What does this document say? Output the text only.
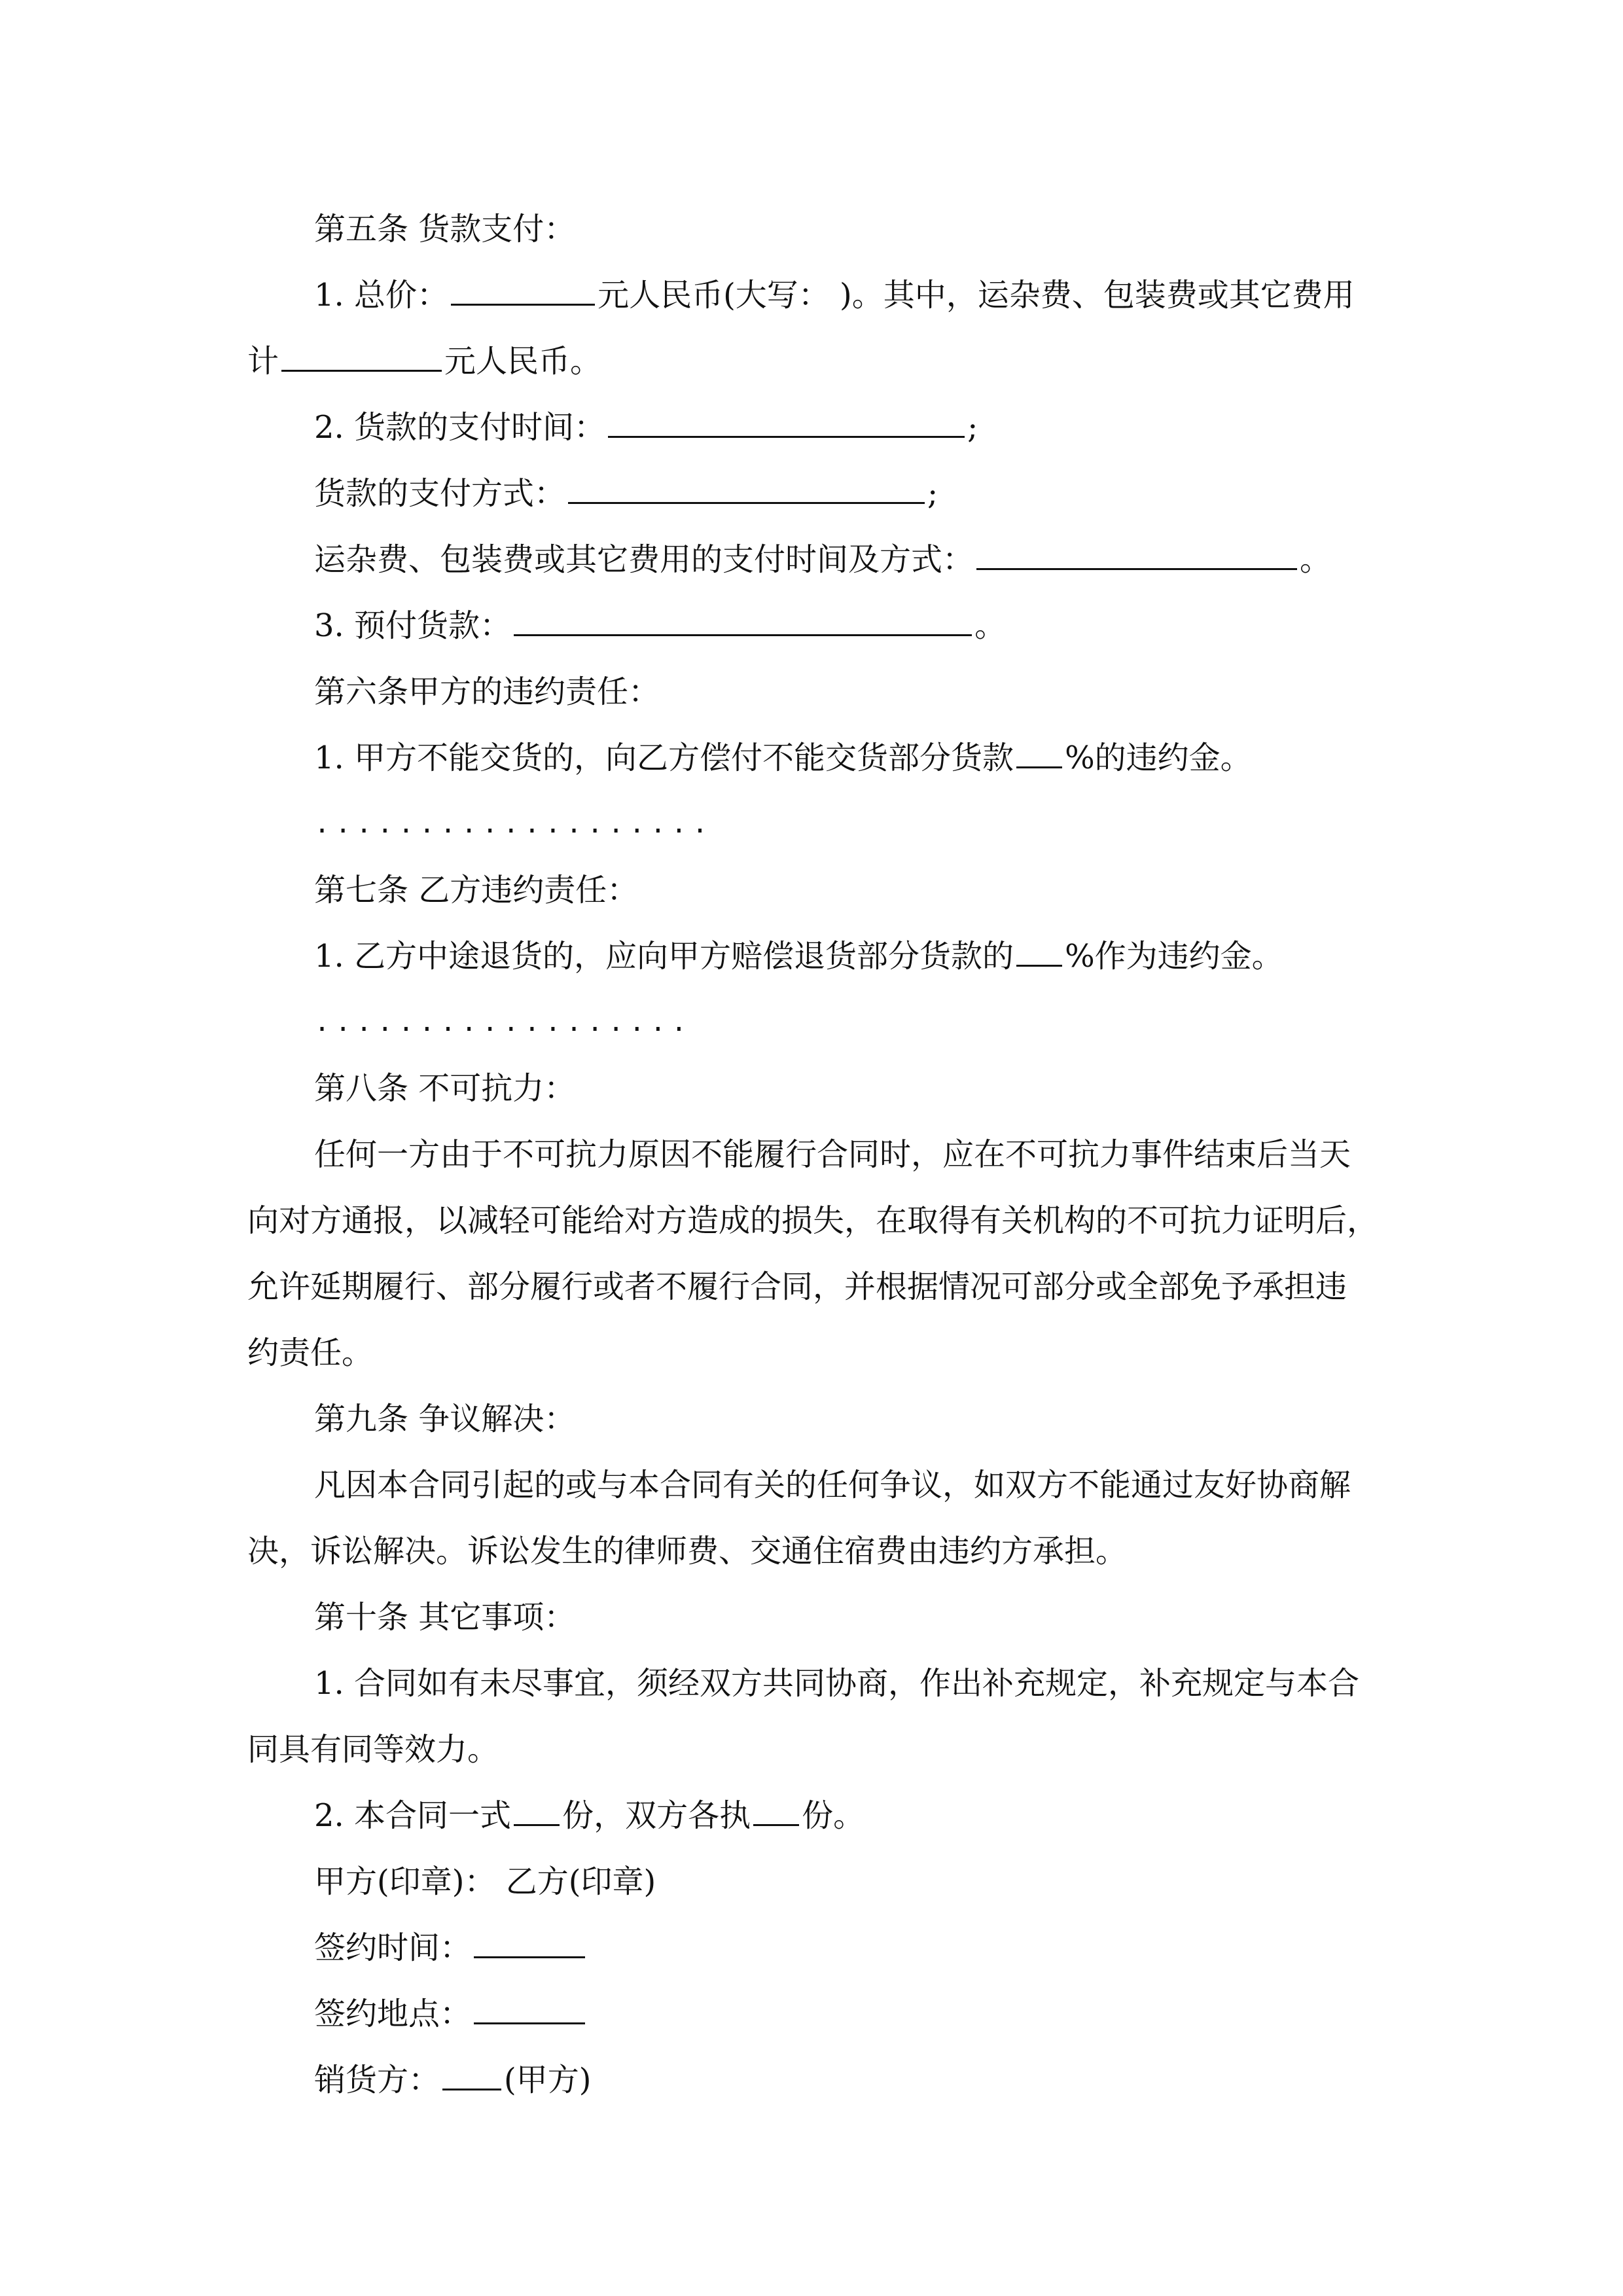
第五条 货款支付：
1. 总价：	元人民币(大写： )。其中，运杂费、包装费或其它费用
计	元人民币。
2. 货款的支付时间：	;
货款的支付方式：	;
运杂费、包装费或其它费用的支付时间及方式：	。
3. 预付货款：	。
第六条甲方的违约责任：
1. 甲方不能交货的，向乙方偿付不能交货部分货款 %的违约金。
...................
第七条 乙方违约责任：
1. 乙方中途退货的，应向甲方赔偿退货部分货款的 %作为违约金。
..................
第八条 不可抗力：
任何一方由于不可抗力原因不能履行合同时，应在不可抗力事件结束后当天
向对方通报，以减轻可能给对方造成的损失，在取得有关机构的不可抗力证明后，
允许延期履行、部分履行或者不履行合同，并根据情况可部分或全部免予承担违
约责任。
第九条 争议解决：
凡因本合同引起的或与本合同有关的任何争议，如双方不能通过友好协商解
决，诉讼解决。诉讼发生的律师费、交通住宿费由违约方承担。
第十条 其它事项：
1. 合同如有未尽事宜，须经双方共同协商，作出补充规定，补充规定与本合
同具有同等效力。
2. 本合同一式 份，双方各执 份。
甲方(印章)： 乙方(印章)
签约时间：
签约地点：
销货方： (甲方)
